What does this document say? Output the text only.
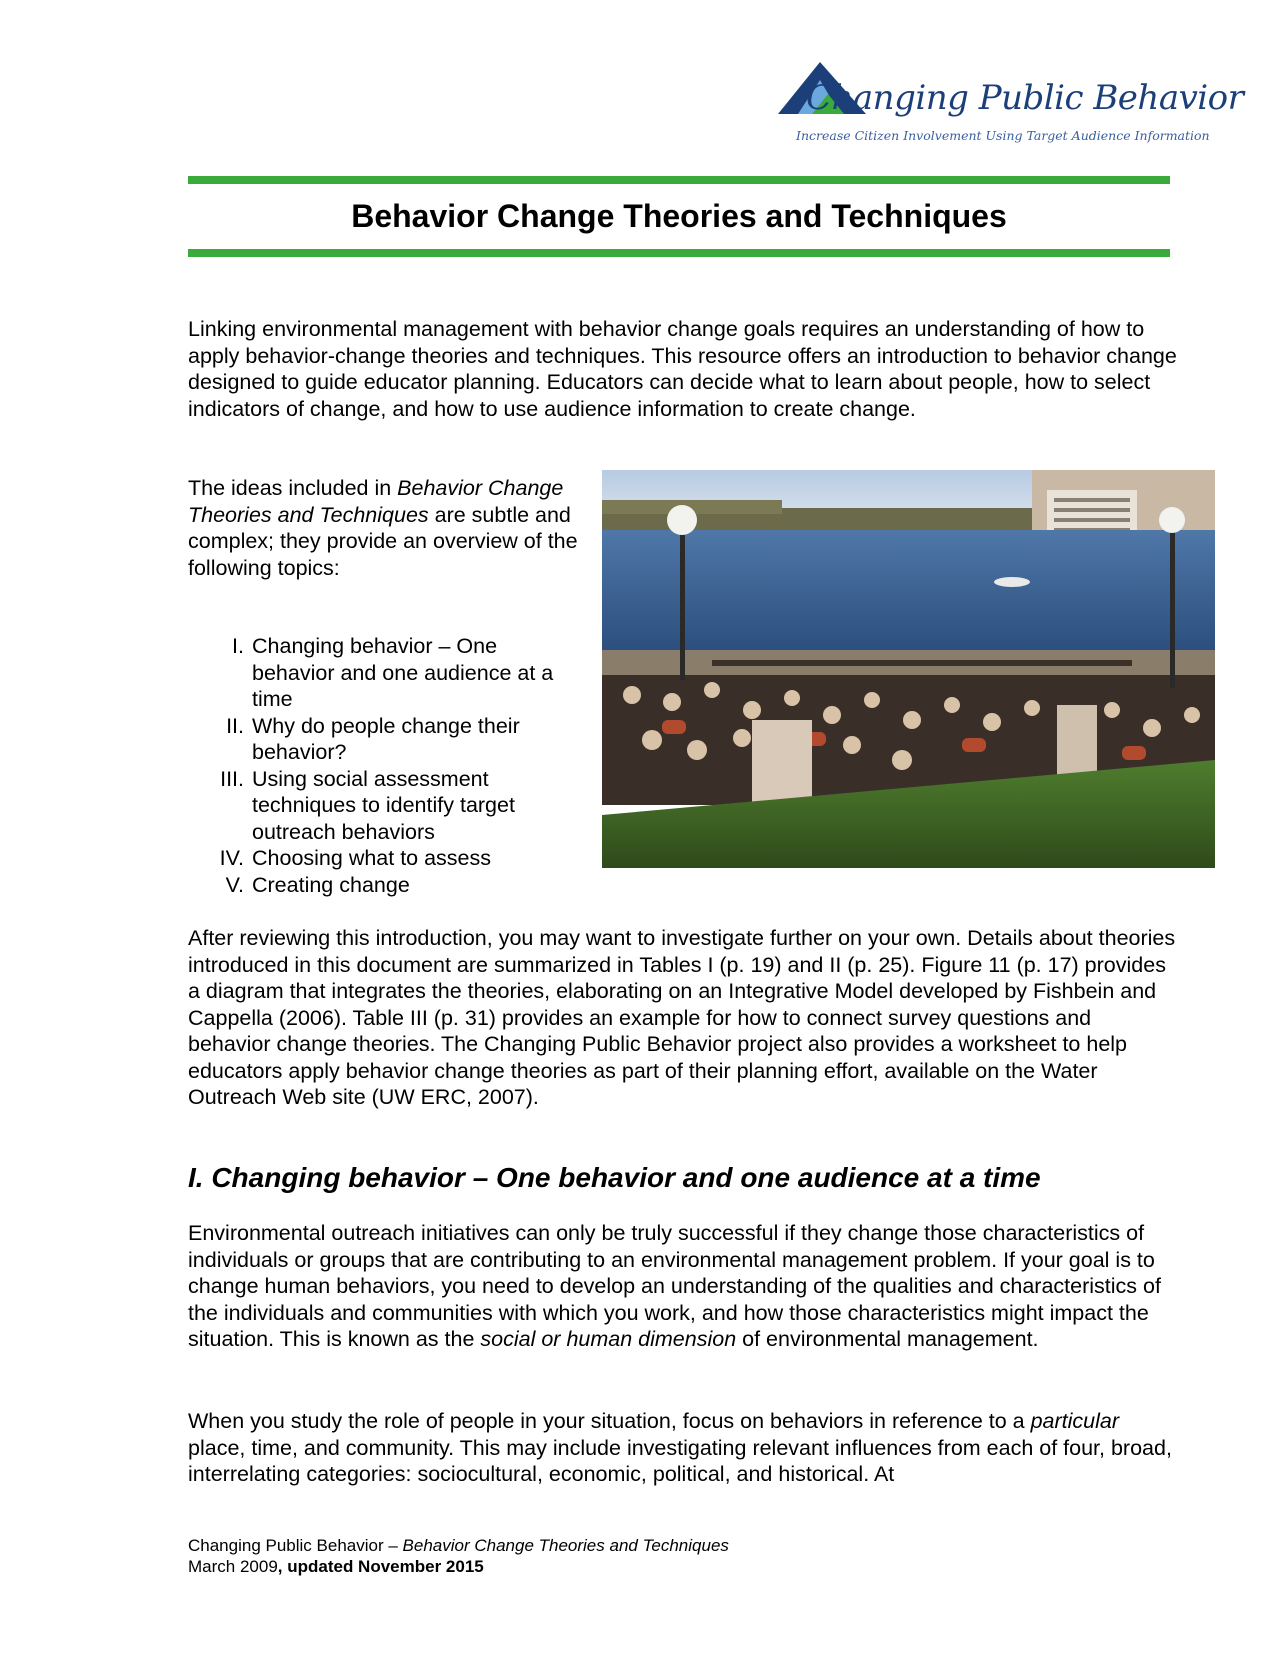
Changing Public Behavior
Increase Citizen Involvement Using Target Audience Information
Behavior Change Theories and Techniques

Linking environmental management with behavior change goals requires an understanding of how to apply behavior-change theories and techniques. This resource offers an introduction to behavior change designed to guide educator planning. Educators can decide what to learn about people, how to select indicators of change, and how to use audience information to create change.

The ideas included in Behavior Change Theories and Techniques are subtle and complex; they provide an overview of the following topics:

I. Changing behavior – One behavior and one audience at a time
II. Why do people change their behavior?
III. Using social assessment techniques to identify target outreach behaviors
IV. Choosing what to assess
V. Creating change

After reviewing this introduction, you may want to investigate further on your own. Details about theories introduced in this document are summarized in Tables I (p. 19) and II (p. 25). Figure 11 (p. 17) provides a diagram that integrates the theories, elaborating on an Integrative Model developed by Fishbein and Cappella (2006). Table III (p. 31) provides an example for how to connect survey questions and behavior change theories. The Changing Public Behavior project also provides a worksheet to help educators apply behavior change theories as part of their planning effort, available on the Water Outreach Web site (UW ERC, 2007).

I. Changing behavior – One behavior and one audience at a time

Environmental outreach initiatives can only be truly successful if they change those characteristics of individuals or groups that are contributing to an environmental management problem. If your goal is to change human behaviors, you need to develop an understanding of the qualities and characteristics of the individuals and communities with which you work, and how those characteristics might impact the situation. This is known as the social or human dimension of environmental management.

When you study the role of people in your situation, focus on behaviors in reference to a particular place, time, and community. This may include investigating relevant influences from each of four, broad, interrelating categories: sociocultural, economic, political, and historical. At

Changing Public Behavior – Behavior Change Theories and Techniques

March 2009, updated November 2015
